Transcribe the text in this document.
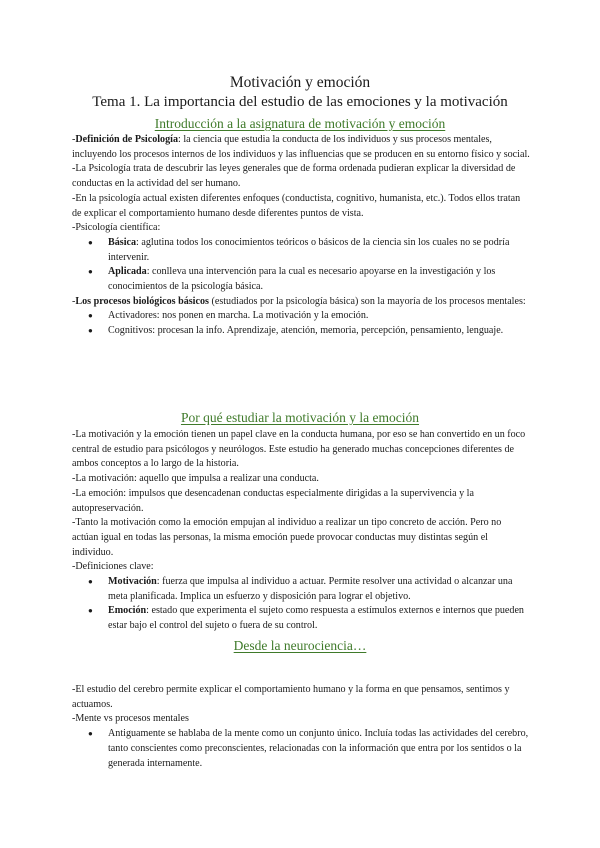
Motivación y emoción
Tema 1. La importancia del estudio de las emociones y la motivación
Introducción a la asignatura de motivación y emoción

-Definición de Psicología: la ciencia que estudia la conducta de los individuos y sus procesos mentales, incluyendo los procesos internos de los individuos y las influencias que se producen en su entorno físico y social.

-La Psicología trata de descubrir las leyes generales que de forma ordenada pudieran explicar la diversidad de conductas en la actividad del ser humano.

-En la psicología actual existen diferentes enfoques (conductista, cognitivo, humanista, etc.). Todos ellos tratan de explicar el comportamiento humano desde diferentes puntos de vista.

-Psicología científica:

● Básica: aglutina todos los conocimientos teóricos o básicos de la ciencia sin los cuales no se podría intervenir.
● Aplicada: conlleva una intervención para la cual es necesario apoyarse en la investigación y los conocimientos de la psicología básica.

-Los procesos biológicos básicos (estudiados por la psicología básica) son la mayoría de los procesos mentales:

● Activadores: nos ponen en marcha. La motivación y la emoción.
● Cognitivos: procesan la info. Aprendizaje, atención, memoria, percepción, pensamiento, lenguaje.
Por qué estudiar la motivación y la emoción

-La motivación y la emoción tienen un papel clave en la conducta humana, por eso se han convertido en un foco central de estudio para psicólogos y neurólogos. Este estudio ha generado muchas concepciones diferentes de ambos conceptos a lo largo de la historia.

-La motivación: aquello que impulsa a realizar una conducta.

-La emoción: impulsos que desencadenan conductas especialmente dirigidas a la supervivencia y la autopreservación.

-Tanto la motivación como la emoción empujan al individuo a realizar un tipo concreto de acción. Pero no actúan igual en todas las personas, la misma emoción puede provocar conductas muy distintas según el individuo.

-Definiciones clave:

● Motivación: fuerza que impulsa al individuo a actuar. Permite resolver una actividad o alcanzar una meta planificada. Implica un esfuerzo y disposición para lograr el objetivo.
● Emoción: estado que experimenta el sujeto como respuesta a estímulos externos e internos que pueden estar bajo el control del sujeto o fuera de su control.
Desde la neurociencia…

-El estudio del cerebro permite explicar el comportamiento humano y la forma en que pensamos, sentimos y actuamos.

-Mente vs procesos mentales

● Antiguamente se hablaba de la mente como un conjunto único. Incluía todas las actividades del cerebro, tanto conscientes como preconscientes, relacionadas con la información que entra por los sentidos o la generada internamente.
